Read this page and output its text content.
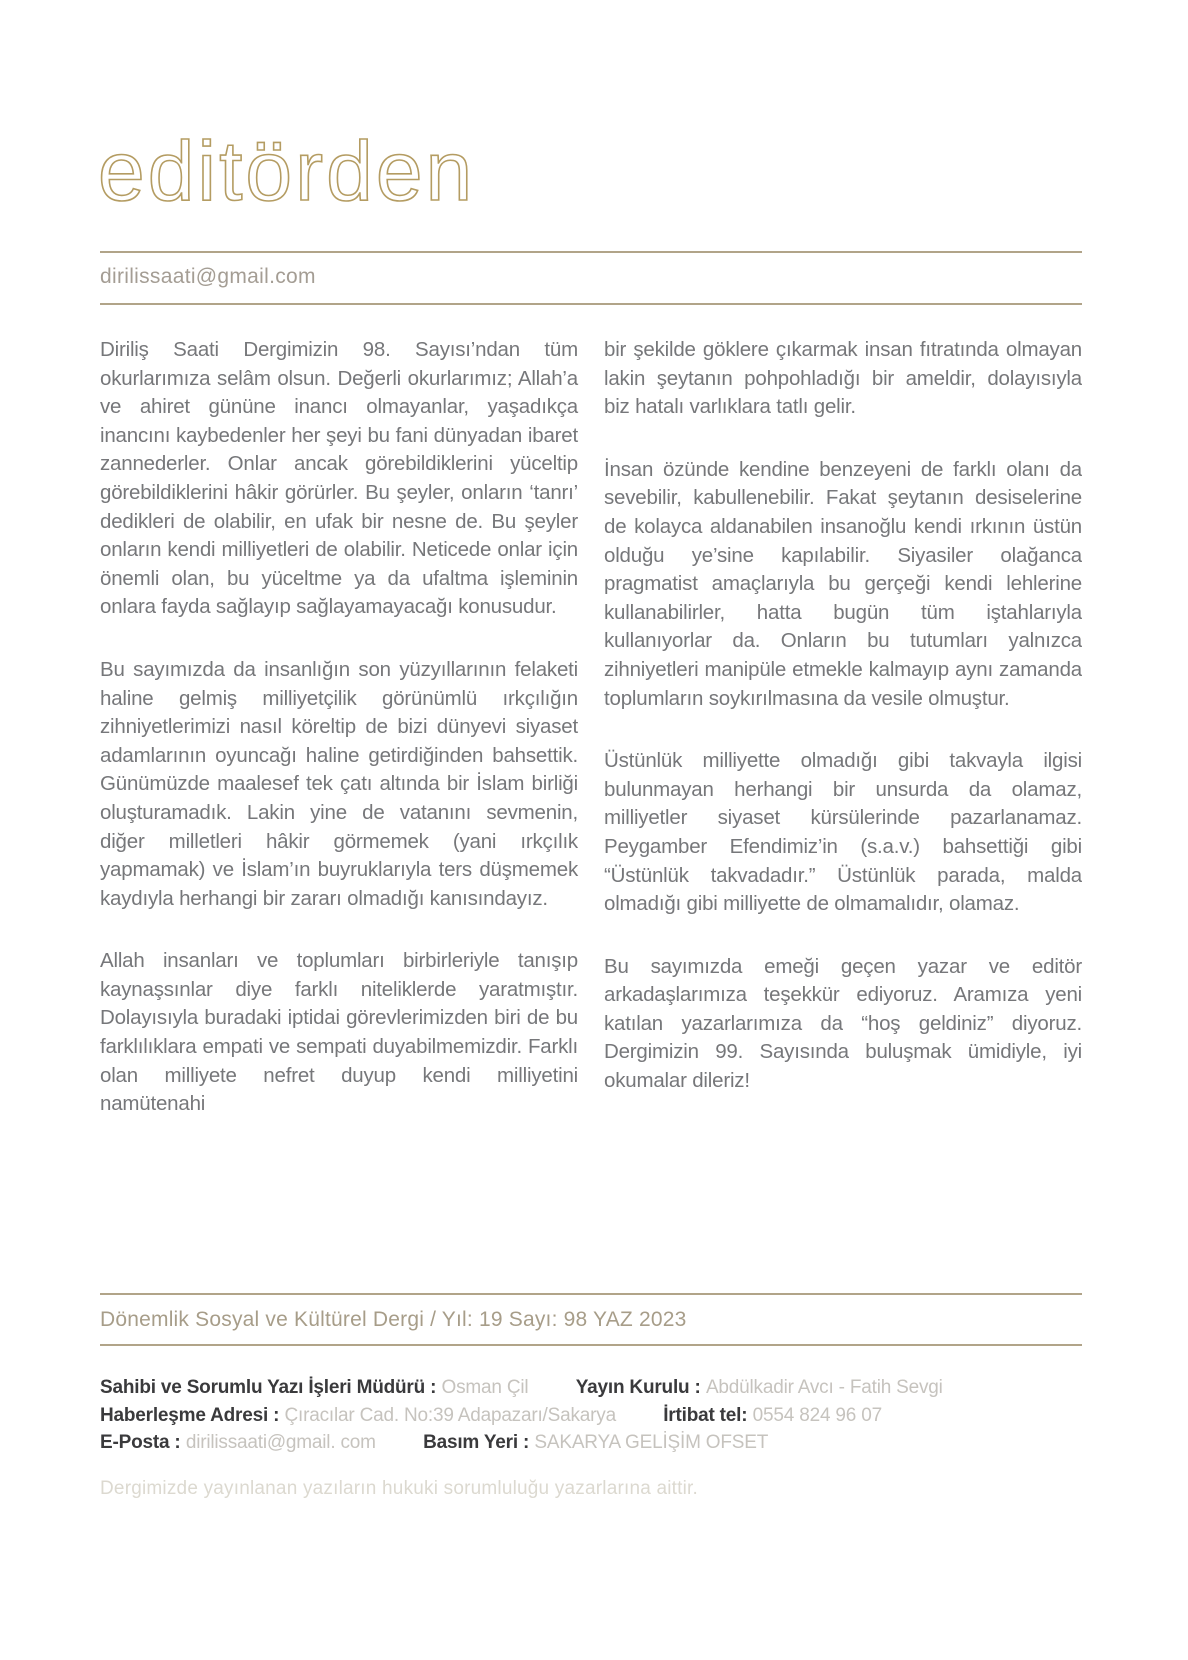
editörden
dirilissaati@gmail.com

Diriliş Saati Dergimizin 98. Sayısı’ndan tüm okurlarımıza selâm olsun. Değerli okurlarımız; Allah’a ve ahiret gününe inancı olmayanlar, yaşadıkça inancını kaybedenler her şeyi bu fani dünyadan ibaret zannederler. Onlar ancak görebildiklerini yüceltip görebildiklerini hâkir görürler. Bu şeyler, onların ‘tanrı’ dedikleri de olabilir, en ufak bir nesne de. Bu şeyler onların kendi milliyetleri de olabilir. Neticede onlar için önemli olan, bu yüceltme ya da ufaltma işleminin onlara fayda sağlayıp sağlayamayacağı konusudur.

Bu sayımızda da insanlığın son yüzyıllarının felaketi haline gelmiş milliyetçilik görünümlü ırkçılığın zihniyetlerimizi nasıl köreltip de bizi dünyevi siyaset adamlarının oyuncağı haline getirdiğinden bahsettik. Günümüzde maalesef tek çatı altında bir İslam birliği oluşturamadık. Lakin yine de vatanını sevmenin, diğer milletleri hâkir görmemek (yani ırkçılık yapmamak) ve İslam’ın buyruklarıyla ters düşmemek kaydıyla herhangi bir zararı olmadığı kanısındayız.

Allah insanları ve toplumları birbirleriyle tanışıp kaynaşsınlar diye farklı niteliklerde yaratmıştır. Dolayısıyla buradaki iptidai görevlerimizden biri de bu farklılıklara empati ve sempati duyabilmemizdir. Farklı olan milliyete nefret duyup kendi milliyetini namütenahi

bir şekilde göklere çıkarmak insan fıtratında olmayan lakin şeytanın pohpohladığı bir ameldir, dolayısıyla biz hatalı varlıklara tatlı gelir.

İnsan özünde kendine benzeyeni de farklı olanı da sevebilir, kabullenebilir. Fakat şeytanın desiselerine de kolayca aldanabilen insanoğlu kendi ırkının üstün olduğu ye’sine kapılabilir. Siyasiler olağanca pragmatist amaçlarıyla bu gerçeği kendi lehlerine kullanabilirler, hatta bugün tüm iştahlarıyla kullanıyorlar da. Onların bu tutumları yalnızca zihniyetleri manipüle etmekle kalmayıp aynı zamanda toplumların soykırılmasına da vesile olmuştur.

Üstünlük milliyette olmadığı gibi takvayla ilgisi bulunmayan herhangi bir unsurda da olamaz, milliyetler siyaset kürsülerinde pazarlanamaz. Peygamber Efendimiz’in (s.a.v.) bahsettiği gibi “Üstünlük takvadadır.” Üstünlük parada, malda olmadığı gibi milliyette de olmamalıdır, olamaz.

Bu sayımızda emeği geçen yazar ve editör arkadaşlarımıza teşekkür ediyoruz. Aramıza yeni katılan yazarlarımıza da “hoş geldiniz” diyoruz. Dergimizin 99. Sayısında buluşmak ümidiyle, iyi okumalar dileriz!

Dönemlik Sosyal ve Kültürel Dergi / Yıl: 19 Sayı: 98 YAZ 2023
Sahibi ve Sorumlu Yazı İşleri Müdürü : Osman Çil Yayın Kurulu : Abdülkadir Avcı - Fatih Sevgi
Haberleşme Adresi : Çıracılar Cad. No:39 Adapazarı/Sakarya İrtibat tel: 0554 824 96 07
E-Posta : dirilissaati@gmail. com Basım Yeri : SAKARYA GELİŞİM OFSET
Dergimizde yayınlanan yazıların hukuki sorumluluğu yazarlarına aittir.
